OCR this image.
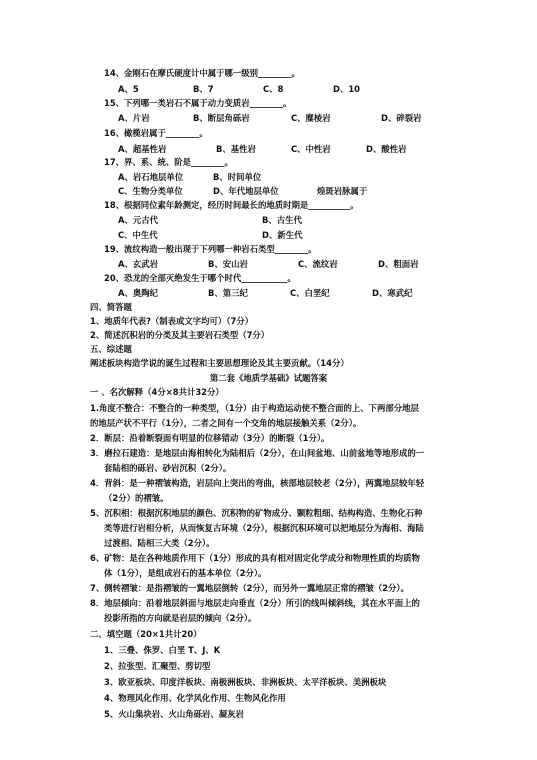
14、金刚石在摩氏硬度计中属于哪一级别________。
A、5	B、7	C、8	D、10
15、下列哪一类岩石不属于动力变质岩________。
A、片岩	B、断层角砾岩	C、糜棱岩	D、碎裂岩
16、橄榄岩属于________。
A、超基性岩	B、基性岩	C、中性岩	D、酸性岩
17、界、系、统、阶是________。
A、岩石地层单位	B、时间单位
C、生物分类单位	D、年代地层单位	煌斑岩脉属于
18、根据同位素年龄测定，经历时间最长的地质时期是__________。
A、元古代	B、古生代
C、中生代	D、新生代
19、流纹构造一般出现于下列哪一种岩石类型________。
A、玄武岩	B、安山岩	C、流纹岩	D、粗面岩
20、恐龙的全部灭绝发生于哪个时代___________。
A、奥陶纪	B、第三纪	C、白垩纪	D、寒武纪
四、简答题
1、地质年代表?（制表或文字均可）（7分）
2、简述沉积岩的分类及其主要岩石类型（7分）
五、综述题
阐述板块构造学说的诞生过程和主要思想理论及其主要贡献。（14分）
第二套《地质学基础》试题答案
一 、名次解释（4分×8共计32分）
1.角度不整合：不整合的一种类型，（1分）由于构造运动使不整合面的上、下两部分地层
的地层产状不平行（1分），二者之间有一个交角的地层接触关系（2分）。
2．断层：沿着断裂面有明显的位移错动（3分）的断裂（1分）。
3．磨拉石建造：是地层由海相转化为陆相后（2分），在山间盆地、山前盆地等地形成的一
套陆相的砾岩、砂岩沉积（2分）。
4．背斜：是一种褶皱构造，岩层向上突出的弯曲，核部地层较老（2分），两翼地层较年轻
（2分）的褶皱。
5、沉积相：根据沉积地层的颜色、沉积物的矿物成分、颗粒粗细、结构构造、生物化石种
类等进行岩相分析，从而恢复古环境（2分），根据沉积环境可以把地层分为海相、海陆
过渡相、陆相三大类（2分）。
6、矿物：是在各种地质作用下（1分）形成的具有相对固定化学成分和物理性质的均质物
体（1分），是组成岩石的基本单位（2分）。
7、侧转褶皱：是指褶皱的一翼地层倒转（2分），而另外一翼地层正常的褶皱（2分）。
8．地层倾向：沿着地层斜面与地层走向垂直（2分）所引的线叫倾斜线，其在水平面上的
投影所指的方向就是岩层的倾向（2分）。
二、填空题（20×1共计20）
1、三叠、侏罗、白垩 T、J、K
2、拉张型、汇聚型、剪切型
3、欧亚板块、印度洋板块、南极洲板块、非洲板块、太平洋板块、美洲板块
4、物理风化作用、化学风化作用、生物风化作用
5、火山集块岩、火山角砾岩、凝灰岩
